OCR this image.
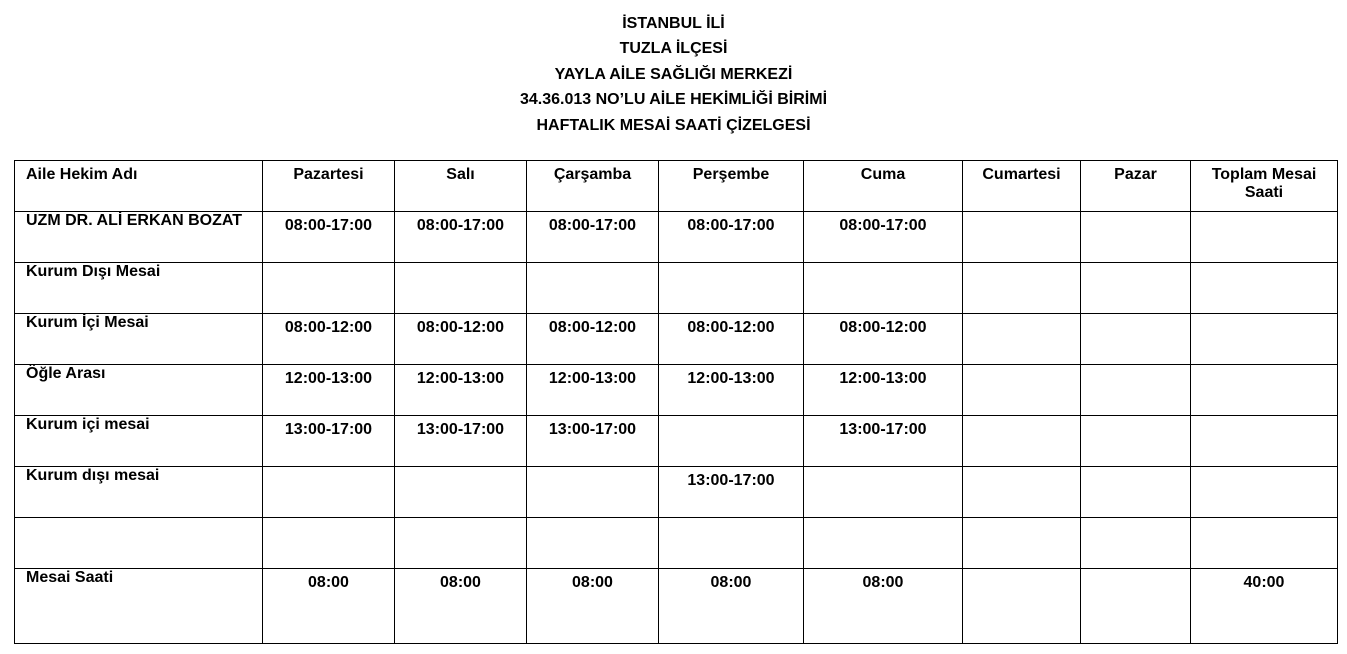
İSTANBUL İLİ
TUZLA İLÇESİ
YAYLA AİLE SAĞLIĞI MERKEZİ
34.36.013 NO’LU AİLE HEKİMLİĞİ BİRİMİ
HAFTALIK MESAİ SAATİ ÇİZELGESİ
Aile Hekim Adı	Pazartesi	Salı	Çarşamba	Perşembe	Cuma	Cumartesi	Pazar	Toplam Mesai Saati
UZM DR. ALİ ERKAN BOZAT	08:00-17:00	08:00-17:00	08:00-17:00	08:00-17:00	08:00-17:00			
Kurum Dışı Mesai								
Kurum İçi Mesai	08:00-12:00	08:00-12:00	08:00-12:00	08:00-12:00	08:00-12:00			
Öğle Arası	12:00-13:00	12:00-13:00	12:00-13:00	12:00-13:00	12:00-13:00			
Kurum içi mesai	13:00-17:00	13:00-17:00	13:00-17:00		13:00-17:00			
Kurum dışı mesai				13:00-17:00				

Mesai Saati	08:00	08:00	08:00	08:00	08:00			40:00
